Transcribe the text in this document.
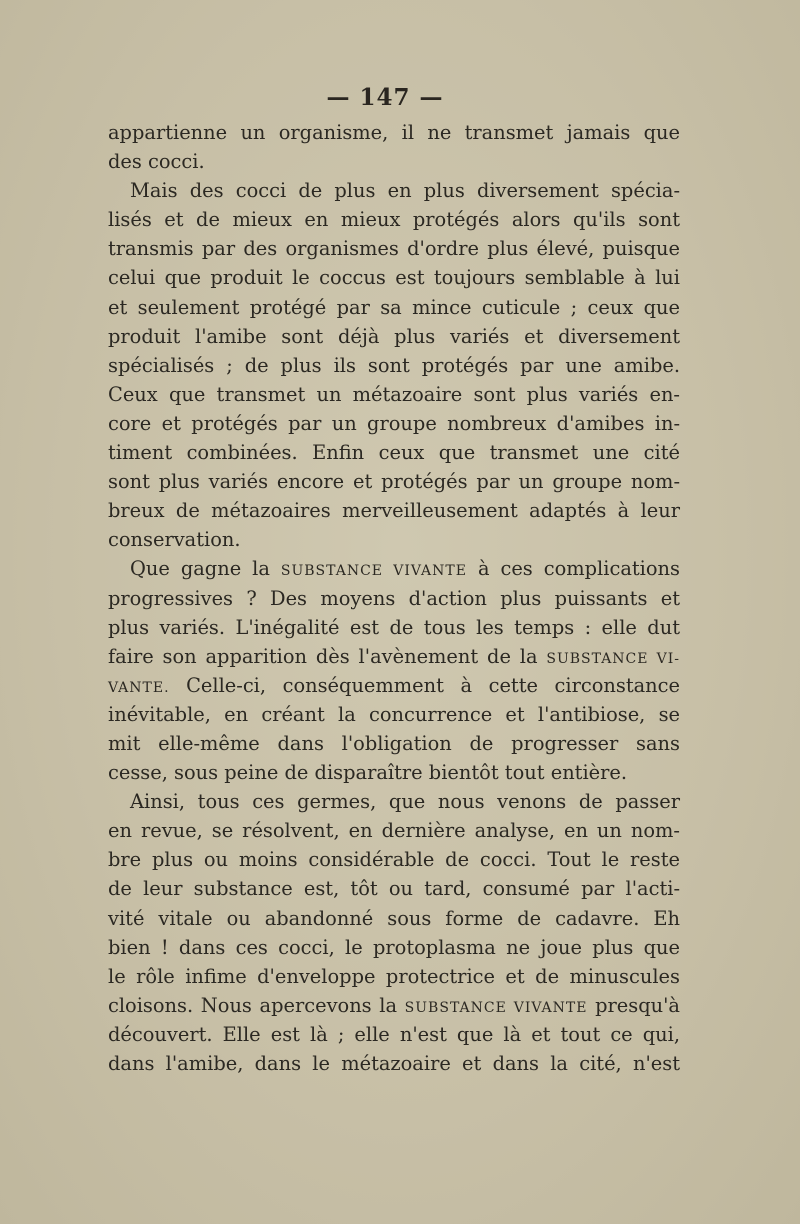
— 147 —
appartienne un organisme, il ne transmet jamais que
des cocci.
Mais des cocci de plus en plus diversement spécia-
lisés et de mieux en mieux protégés alors qu'ils sont
transmis par des organismes d'ordre plus élevé, puisque
celui que produit le coccus est toujours semblable à lui
et seulement protégé par sa mince cuticule ; ceux que
produit l'amibe sont déjà plus variés et diversement
spécialisés ; de plus ils sont protégés par une amibe.
Ceux que transmet un métazoaire sont plus variés en-
core et protégés par un groupe nombreux d'amibes in-
timent combinées. Enfin ceux que transmet une cité
sont plus variés encore et protégés par un groupe nom-
breux de métazoaires merveilleusement adaptés à leur
conservation.
Que gagne la SUBSTANCE VIVANTE à ces complications
progressives ? Des moyens d'action plus puissants et
plus variés. L'inégalité est de tous les temps : elle dut
faire son apparition dès l'avènement de la SUBSTANCE VI-
VANTE. Celle-ci, conséquemment à cette circonstance
inévitable, en créant la concurrence et l'antibiose, se
mit elle-même dans l'obligation de progresser sans
cesse, sous peine de disparaître bientôt tout entière.
Ainsi, tous ces germes, que nous venons de passer
en revue, se résolvent, en dernière analyse, en un nom-
bre plus ou moins considérable de cocci. Tout le reste
de leur substance est, tôt ou tard, consumé par l'acti-
vité vitale ou abandonné sous forme de cadavre. Eh
bien ! dans ces cocci, le protoplasma ne joue plus que
le rôle infime d'enveloppe protectrice et de minuscules
cloisons. Nous apercevons la SUBSTANCE VIVANTE presqu'à
découvert. Elle est là ; elle n'est que là et tout ce qui,
dans l'amibe, dans le métazoaire et dans la cité, n'est
